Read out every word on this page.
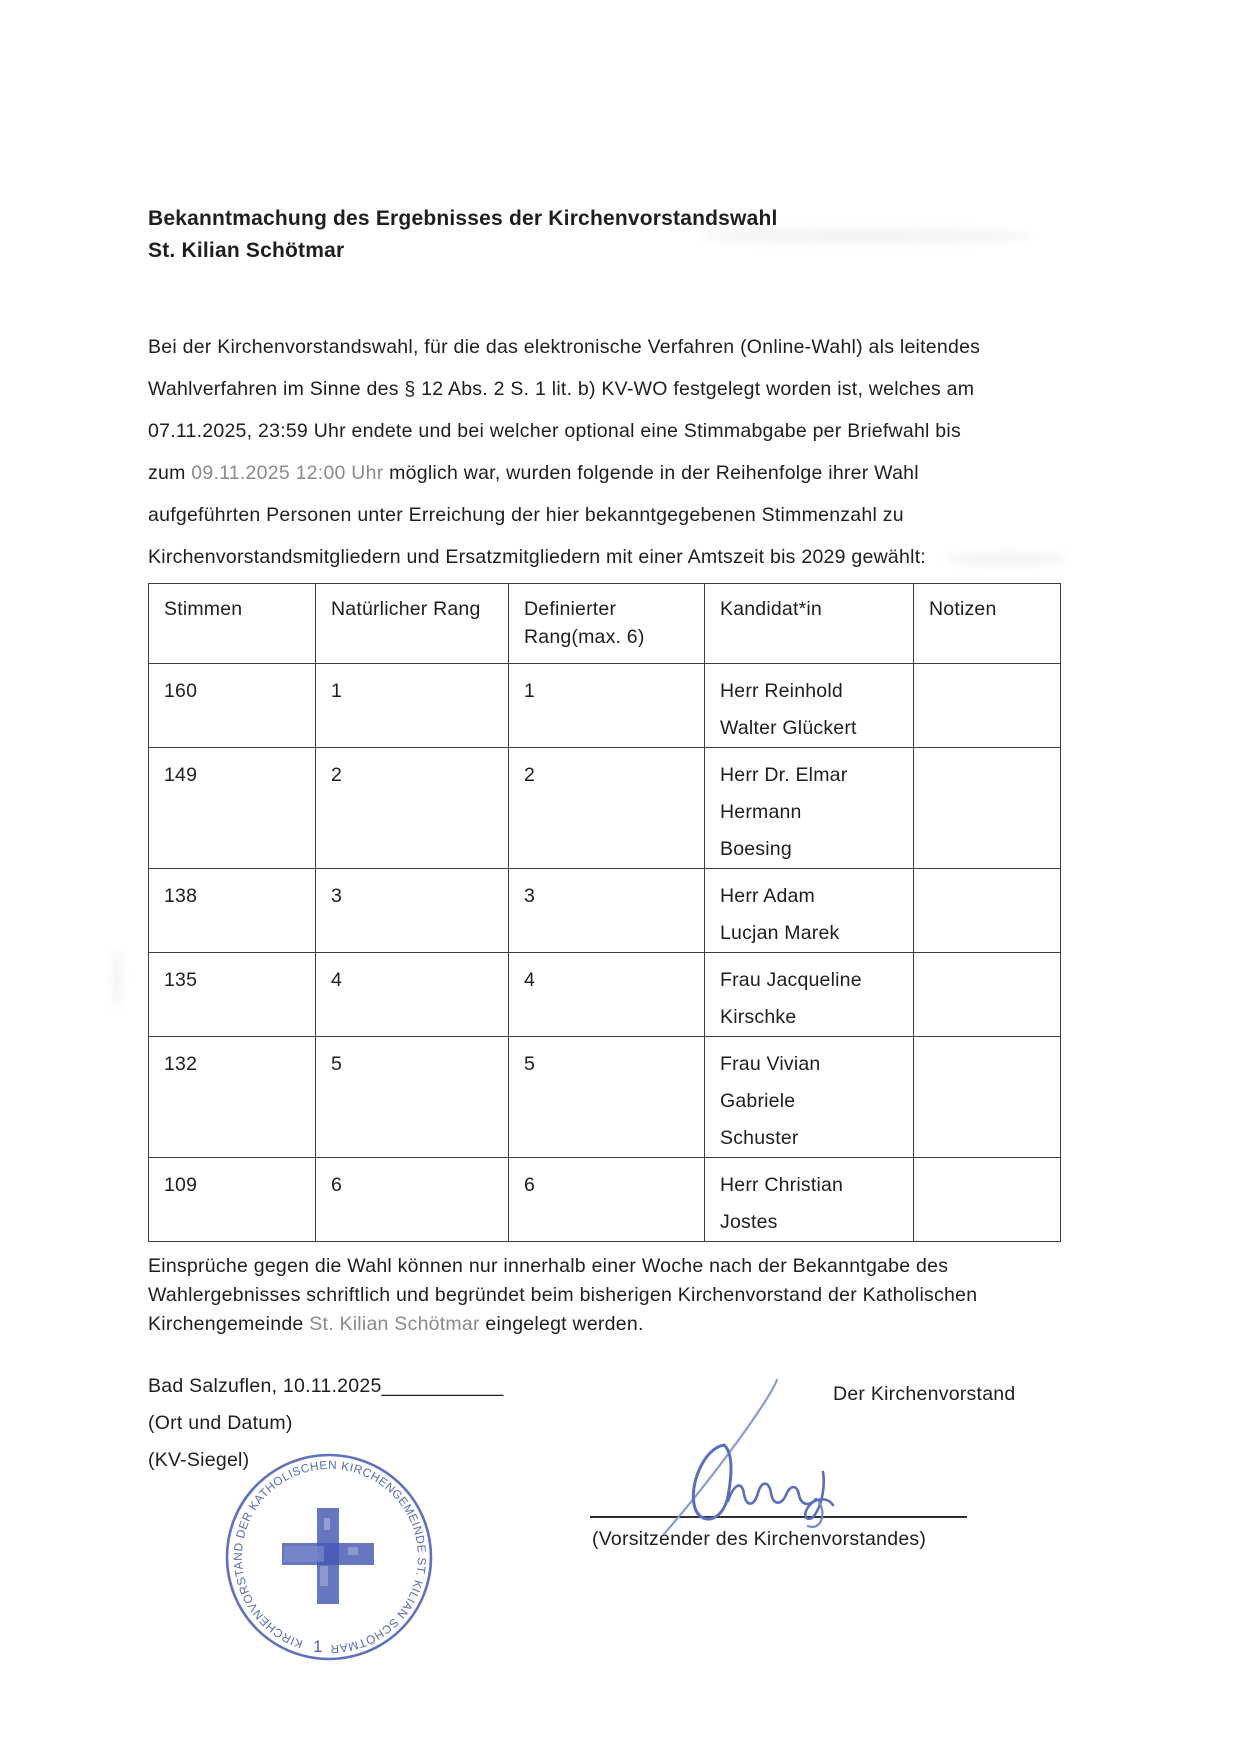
Bekanntmachung des Ergebnisses der Kirchenvorstandswahl
St. Kilian Schötmar
Bei der Kirchenvorstandswahl, für die das elektronische Verfahren (Online-Wahl) als leitendes
Wahlverfahren im Sinne des § 12 Abs. 2 S. 1 lit. b) KV-WO festgelegt worden ist, welches am
07.11.2025, 23:59 Uhr endete und bei welcher optional eine Stimmabgabe per Briefwahl bis
zum 09.11.2025 12:00 Uhr möglich war, wurden folgende in der Reihenfolge ihrer Wahl
aufgeführten Personen unter Erreichung der hier bekanntgegebenen Stimmenzahl zu
Kirchenvorstandsmitgliedern und Ersatzmitgliedern mit einer Amtszeit bis 2029 gewählt:
Stimmen	Natürlicher Rang	Definierter Rang(max. 6)	Kandidat*in	Notizen
160	1	1	Herr Reinhold
Walter Glückert	

149	2	2	Herr Dr. Elmar
Hermann
Boesing	

138	3	3	Herr Adam
Lucjan Marek	

135	4	4	Frau Jacqueline
Kirschke	

132	5	5	Frau Vivian
Gabriele
Schuster	

109	6	6	Herr Christian
Jostes	

Einsprüche gegen die Wahl können nur innerhalb einer Woche nach der Bekanntgabe des
Wahlergebnisses schriftlich und begründet beim bisherigen Kirchenvorstand der Katholischen
Kirchengemeinde St. Kilian Schötmar eingelegt werden.
Bad Salzuflen, 10.11.2025___________
(Ort und Datum)
(KV-Siegel)
Der Kirchenvorstand
(Vorsitzender des Kirchenvorstandes)
KIRCHENVORSTAND DER KATHOLISCHEN KIRCHENGEMEINDE ST. KILIAN SCHÖTMAR
1
